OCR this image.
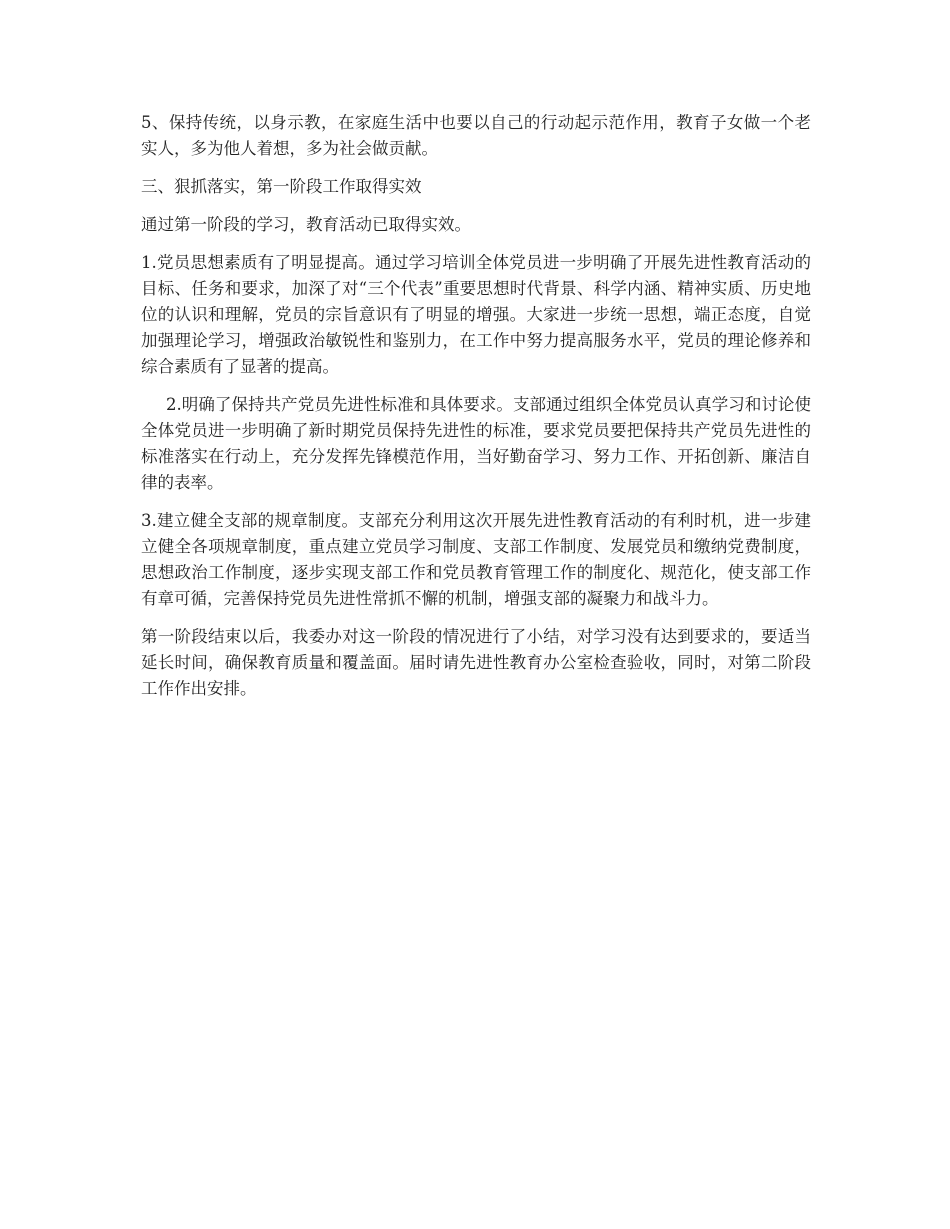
5、保持传统，以身示教，在家庭生活中也要以自己的行动起示范作用，教育子女做一个老实人，多为他人着想，多为社会做贡献。

三、狠抓落实，第一阶段工作取得实效

通过第一阶段的学习，教育活动已取得实效。

1.党员思想素质有了明显提高。通过学习培训全体党员进一步明确了开展先进性教育活动的目标、任务和要求，加深了对“三个代表”重要思想时代背景、科学内涵、精神实质、历史地位的认识和理解，党员的宗旨意识有了明显的增强。大家进一步统一思想，端正态度，自觉加强理论学习，增强政治敏锐性和鉴别力，在工作中努力提高服务水平，党员的理论修养和综合素质有了显著的提高。

2.明确了保持共产党员先进性标准和具体要求。支部通过组织全体党员认真学习和讨论使全体党员进一步明确了新时期党员保持先进性的标准，要求党员要把保持共产党员先进性的标准落实在行动上，充分发挥先锋模范作用，当好勤奋学习、努力工作、开拓创新、廉洁自律的表率。

3.建立健全支部的规章制度。支部充分利用这次开展先进性教育活动的有利时机，进一步建立健全各项规章制度，重点建立党员学习制度、支部工作制度、发展党员和缴纳党费制度，思想政治工作制度，逐步实现支部工作和党员教育管理工作的制度化、规范化，使支部工作有章可循，完善保持党员先进性常抓不懈的机制，增强支部的凝聚力和战斗力。

第一阶段结束以后，我委办对这一阶段的情况进行了小结，对学习没有达到要求的，要适当延长时间，确保教育质量和覆盖面。届时请先进性教育办公室检查验收，同时，对第二阶段工作作出安排。
